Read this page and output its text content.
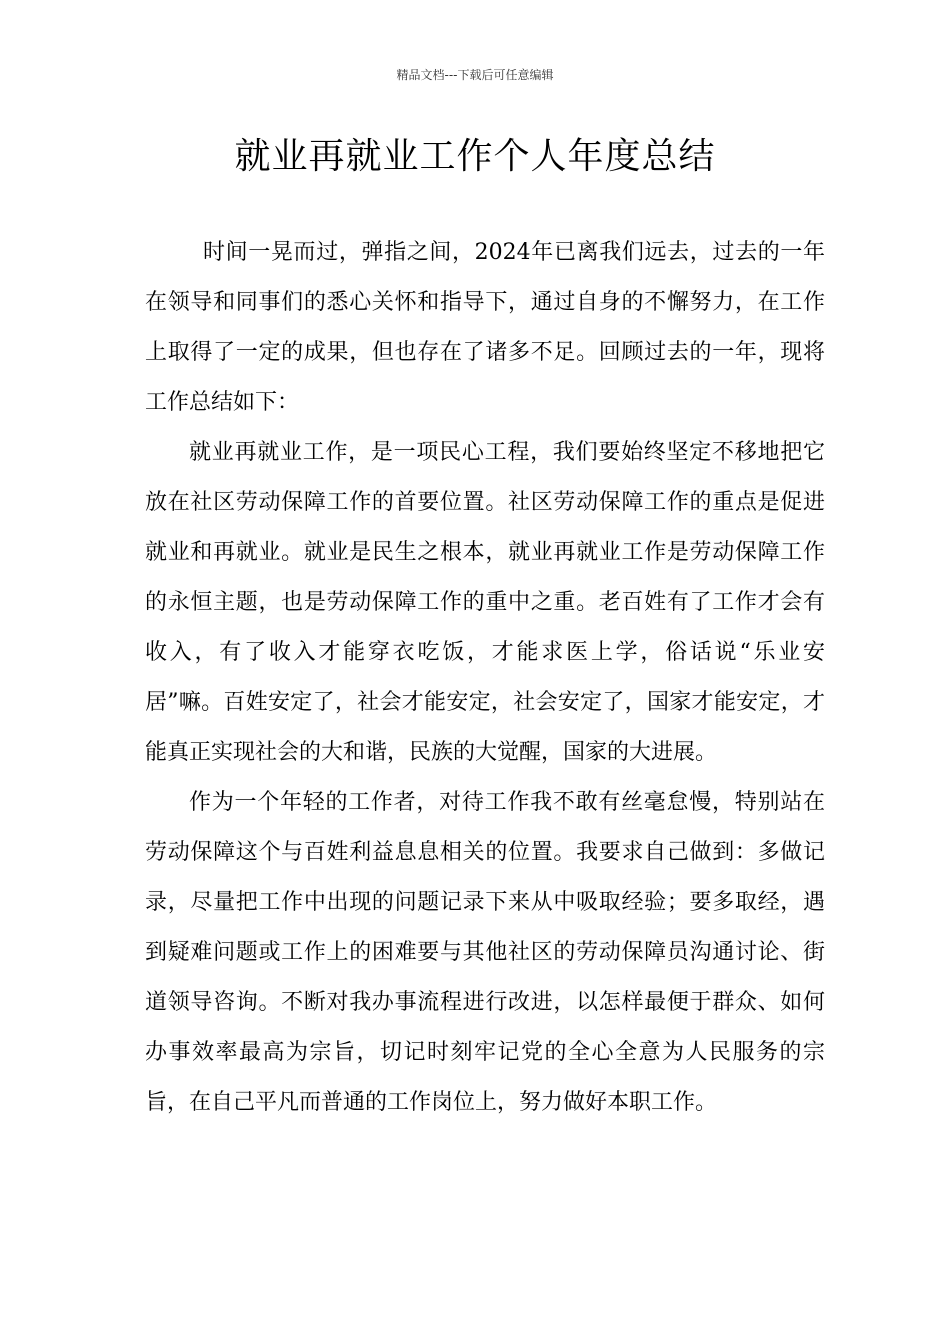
精品文档---下载后可任意编辑
就业再就业工作个人年度总结

时间一晃而过，弹指之间，2024年已离我们远去，过去的一年在领导和同事们的悉心关怀和指导下，通过自身的不懈努力，在工作上取得了一定的成果，但也存在了诸多不足。回顾过去的一年，现将工作总结如下：

就业再就业工作，是一项民心工程，我们要始终坚定不移地把它放在社区劳动保障工作的首要位置。社区劳动保障工作的重点是促进就业和再就业。就业是民生之根本，就业再就业工作是劳动保障工作的永恒主题，也是劳动保障工作的重中之重。老百姓有了工作才会有收入，有了收入才能穿衣吃饭，才能求医上学，俗话说“乐业安居”嘛。百姓安定了，社会才能安定，社会安定了，国家才能安定，才能真正实现社会的大和谐，民族的大觉醒，国家的大进展。

作为一个年轻的工作者，对待工作我不敢有丝毫怠慢，特别站在劳动保障这个与百姓利益息息相关的位置。我要求自己做到：多做记录，尽量把工作中出现的问题记录下来从中吸取经验；要多取经，遇到疑难问题或工作上的困难要与其他社区的劳动保障员沟通讨论、街道领导咨询。不断对我办事流程进行改进，以怎样最便于群众、如何办事效率最高为宗旨，切记时刻牢记党的全心全意为人民服务的宗旨，在自己平凡而普通的工作岗位上，努力做好本职工作。
